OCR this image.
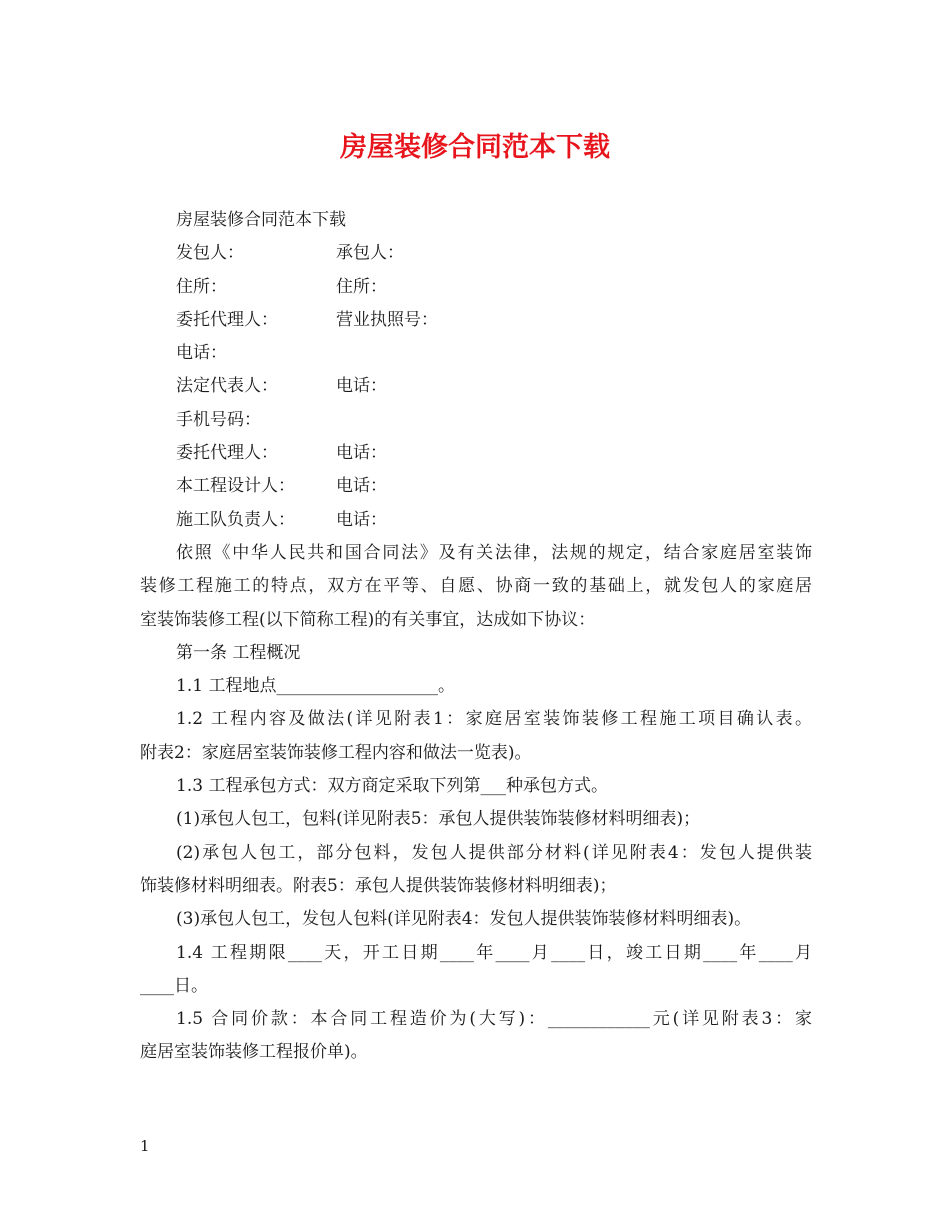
房屋装修合同范本下载
房屋装修合同范本下载
发包人：	承包人：
住所：	住所：
委托代理人：	营业执照号：
电话：
法定代表人：	电话：
手机号码：
委托代理人：	电话：
本工程设计人： 电话：
施工队负责人： 电话：
依照《中华人民共和国合同法》及有关法律，法规的规定，结合家庭居室装饰
装修工程施工的特点，双方在平等、自愿、协商一致的基础上，就发包人的家庭居
室装饰装修工程(以下简称工程)的有关事宜，达成如下协议：
第一条 工程概况
1.1 工程地点___________________。
1.2 工程内容及做法(详见附表1：家庭居室装饰装修工程施工项目确认表。
附表2：家庭居室装饰装修工程内容和做法一览表)。
1.3 工程承包方式：双方商定采取下列第___种承包方式。
(1)承包人包工，包料(详见附表5：承包人提供装饰装修材料明细表)；
(2)承包人包工，部分包料，发包人提供部分材料(详见附表4：发包人提供装
饰装修材料明细表。附表5：承包人提供装饰装修材料明细表)；
(3)承包人包工，发包人包料(详见附表4：发包人提供装饰装修材料明细表)。
1.4 工程期限____天，开工日期____年____月____日，竣工日期____年____月
____日。
1.5 合同价款：本合同工程造价为(大写)：____________元(详见附表3：家
庭居室装饰装修工程报价单)。
1
